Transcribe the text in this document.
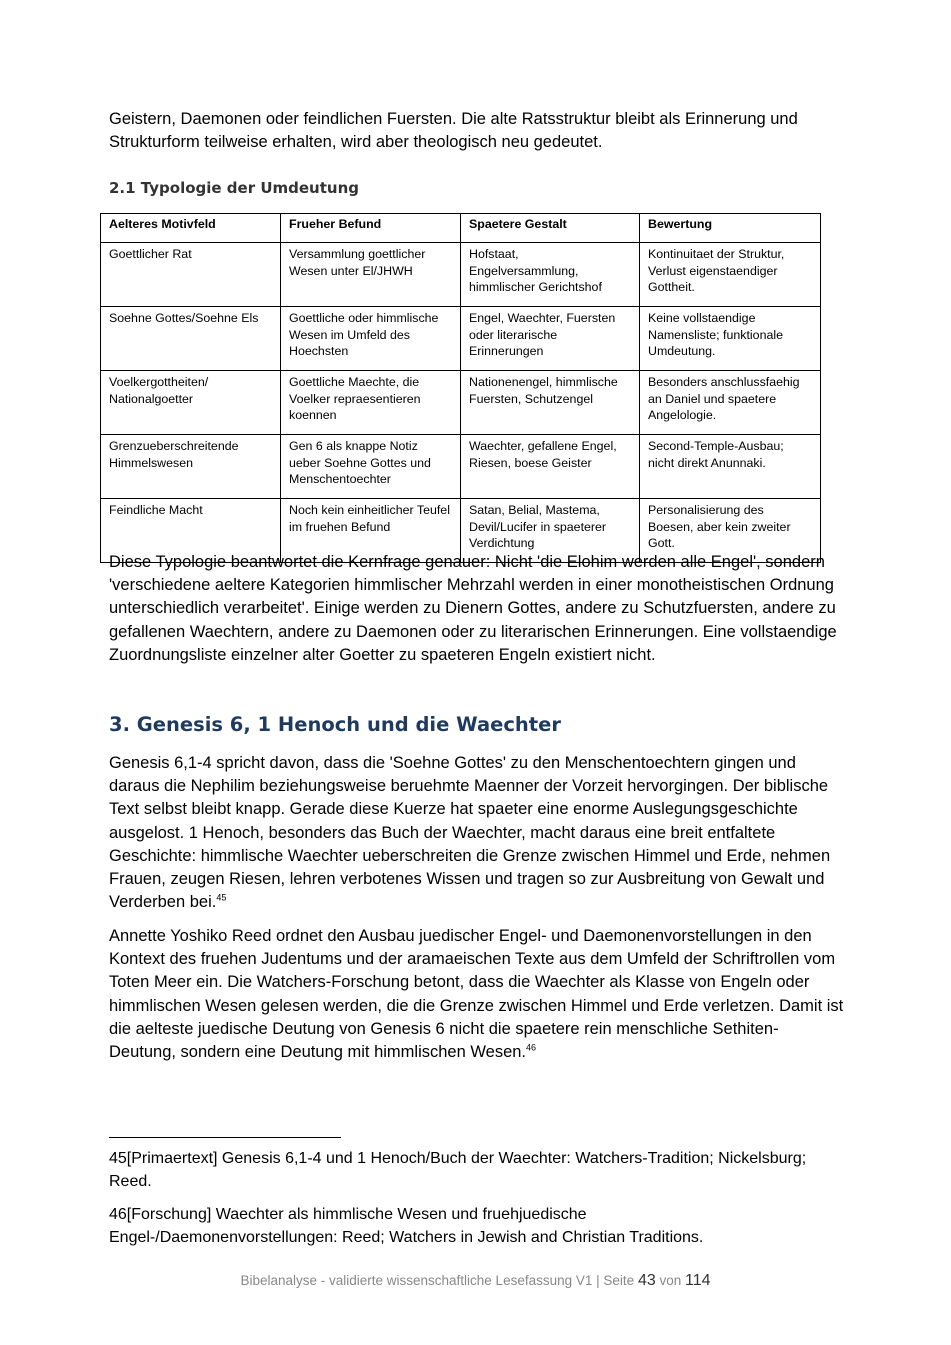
Geistern, Daemonen oder feindlichen Fuersten. Die alte Ratsstruktur bleibt als Erinnerung und Strukturform teilweise erhalten, wird aber theologisch neu gedeutet.

2.1 Typologie der Umdeutung
Aelteres Motivfeld	Frueher Befund	Spaetere Gestalt	Bewertung
Goettlicher Rat	Versammlung goettlicher Wesen unter El/JHWH	Hofstaat, Engelversammlung, himmlischer Gerichtshof	Kontinuitaet der Struktur, Verlust eigenstaendiger Gottheit.
Soehne Gottes/Soehne Els	Goettliche oder himmlische Wesen im Umfeld des Hoechsten	Engel, Waechter, Fuersten oder literarische Erinnerungen	Keine vollstaendige Namensliste; funktionale Umdeutung.
Voelkergottheiten/ Nationalgoetter	Goettliche Maechte, die Voelker repraesentieren koennen	Nationenengel, himmlische Fuersten, Schutzengel	Besonders anschlussfaehig an Daniel und spaetere Angelologie.
Grenzueberschreitende Himmelswesen	Gen 6 als knappe Notiz ueber Soehne Gottes und Menschentoechter	Waechter, gefallene Engel, Riesen, boese Geister	Second-Temple-Ausbau; nicht direkt Anunnaki.
Feindliche Macht	Noch kein einheitlicher Teufel im fruehen Befund	Satan, Belial, Mastema, Devil/Lucifer in spaeterer Verdichtung	Personalisierung des Boesen, aber kein zweiter Gott.

Diese Typologie beantwortet die Kernfrage genauer: Nicht 'die Elohim werden alle Engel', sondern 'verschiedene aeltere Kategorien himmlischer Mehrzahl werden in einer monotheistischen Ordnung unterschiedlich verarbeitet'. Einige werden zu Dienern Gottes, andere zu Schutzfuersten, andere zu gefallenen Waechtern, andere zu Daemonen oder zu literarischen Erinnerungen. Eine vollstaendige Zuordnungsliste einzelner alter Goetter zu spaeteren Engeln existiert nicht.

3. Genesis 6, 1 Henoch und die Waechter

Genesis 6,1-4 spricht davon, dass die 'Soehne Gottes' zu den Menschentoechtern gingen und daraus die Nephilim beziehungsweise beruehmte Maenner der Vorzeit hervorgingen. Der biblische Text selbst bleibt knapp. Gerade diese Kuerze hat spaeter eine enorme Auslegungsgeschichte ausgelost. 1 Henoch, besonders das Buch der Waechter, macht daraus eine breit entfaltete Geschichte: himmlische Waechter ueberschreiten die Grenze zwischen Himmel und Erde, nehmen Frauen, zeugen Riesen, lehren verbotenes Wissen und tragen so zur Ausbreitung von Gewalt und Verderben bei.$^{45}$

Annette Yoshiko Reed ordnet den Ausbau juedischer Engel- und Daemonenvorstellungen in den Kontext des fruehen Judentums und der aramaeischen Texte aus dem Umfeld der Schriftrollen vom Toten Meer ein. Die Watchers-Forschung betont, dass die Waechter als Klasse von Engeln oder himmlischen Wesen gelesen werden, die die Grenze zwischen Himmel und Erde verletzen. Damit ist die aelteste juedische Deutung von Genesis 6 nicht die spaetere rein menschliche Sethiten-Deutung, sondern eine Deutung mit himmlischen Wesen.$^{46}$

45[Primaertext] Genesis 6,1-4 und 1 Henoch/Buch der Waechter: Watchers-Tradition; Nickelsburg; Reed.

46[Forschung] Waechter als himmlische Wesen und fruehjuedische Engel-/Daemonenvorstellungen: Reed; Watchers in Jewish and Christian Traditions.

Bibelanalyse - validierte wissenschaftliche Lesefassung V1 | Seite 43 von 114
